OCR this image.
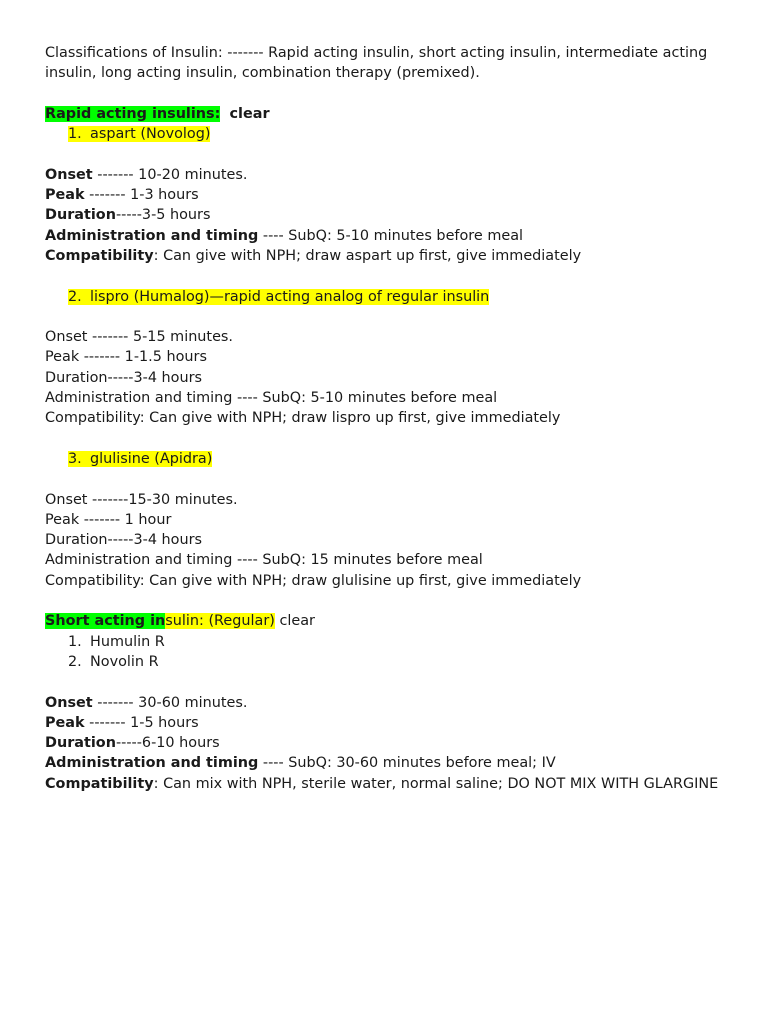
Classifications of Insulin: ------- Rapid acting insulin, short acting insulin, intermediate acting insulin, long acting insulin, combination therapy (premixed).

Rapid acting insulins: clear

1. aspart (Novolog)

Onset ------- 10-20 minutes.

Peak ------- 1-3 hours

Duration-----3-5 hours

Administration and timing ---- SubQ: 5-10 minutes before meal

Compatibility: Can give with NPH; draw aspart up first, give immediately

2. lispro (Humalog)—rapid acting analog of regular insulin

Onset ------- 5-15 minutes.

Peak ------- 1-1.5 hours

Duration-----3-4 hours

Administration and timing ---- SubQ: 5-10 minutes before meal

Compatibility: Can give with NPH; draw lispro up first, give immediately

3. glulisine (Apidra)

Onset -------15-30 minutes.

Peak ------- 1 hour

Duration-----3-4 hours

Administration and timing ---- SubQ: 15 minutes before meal

Compatibility: Can give with NPH; draw glulisine up first, give immediately

Short acting insulin: (Regular) clear

1. Humulin R

2. Novolin R

Onset ------- 30-60 minutes.

Peak ------- 1-5 hours

Duration-----6-10 hours

Administration and timing ---- SubQ: 30-60 minutes before meal; IV

Compatibility: Can mix with NPH, sterile water, normal saline; DO NOT MIX WITH GLARGINE
